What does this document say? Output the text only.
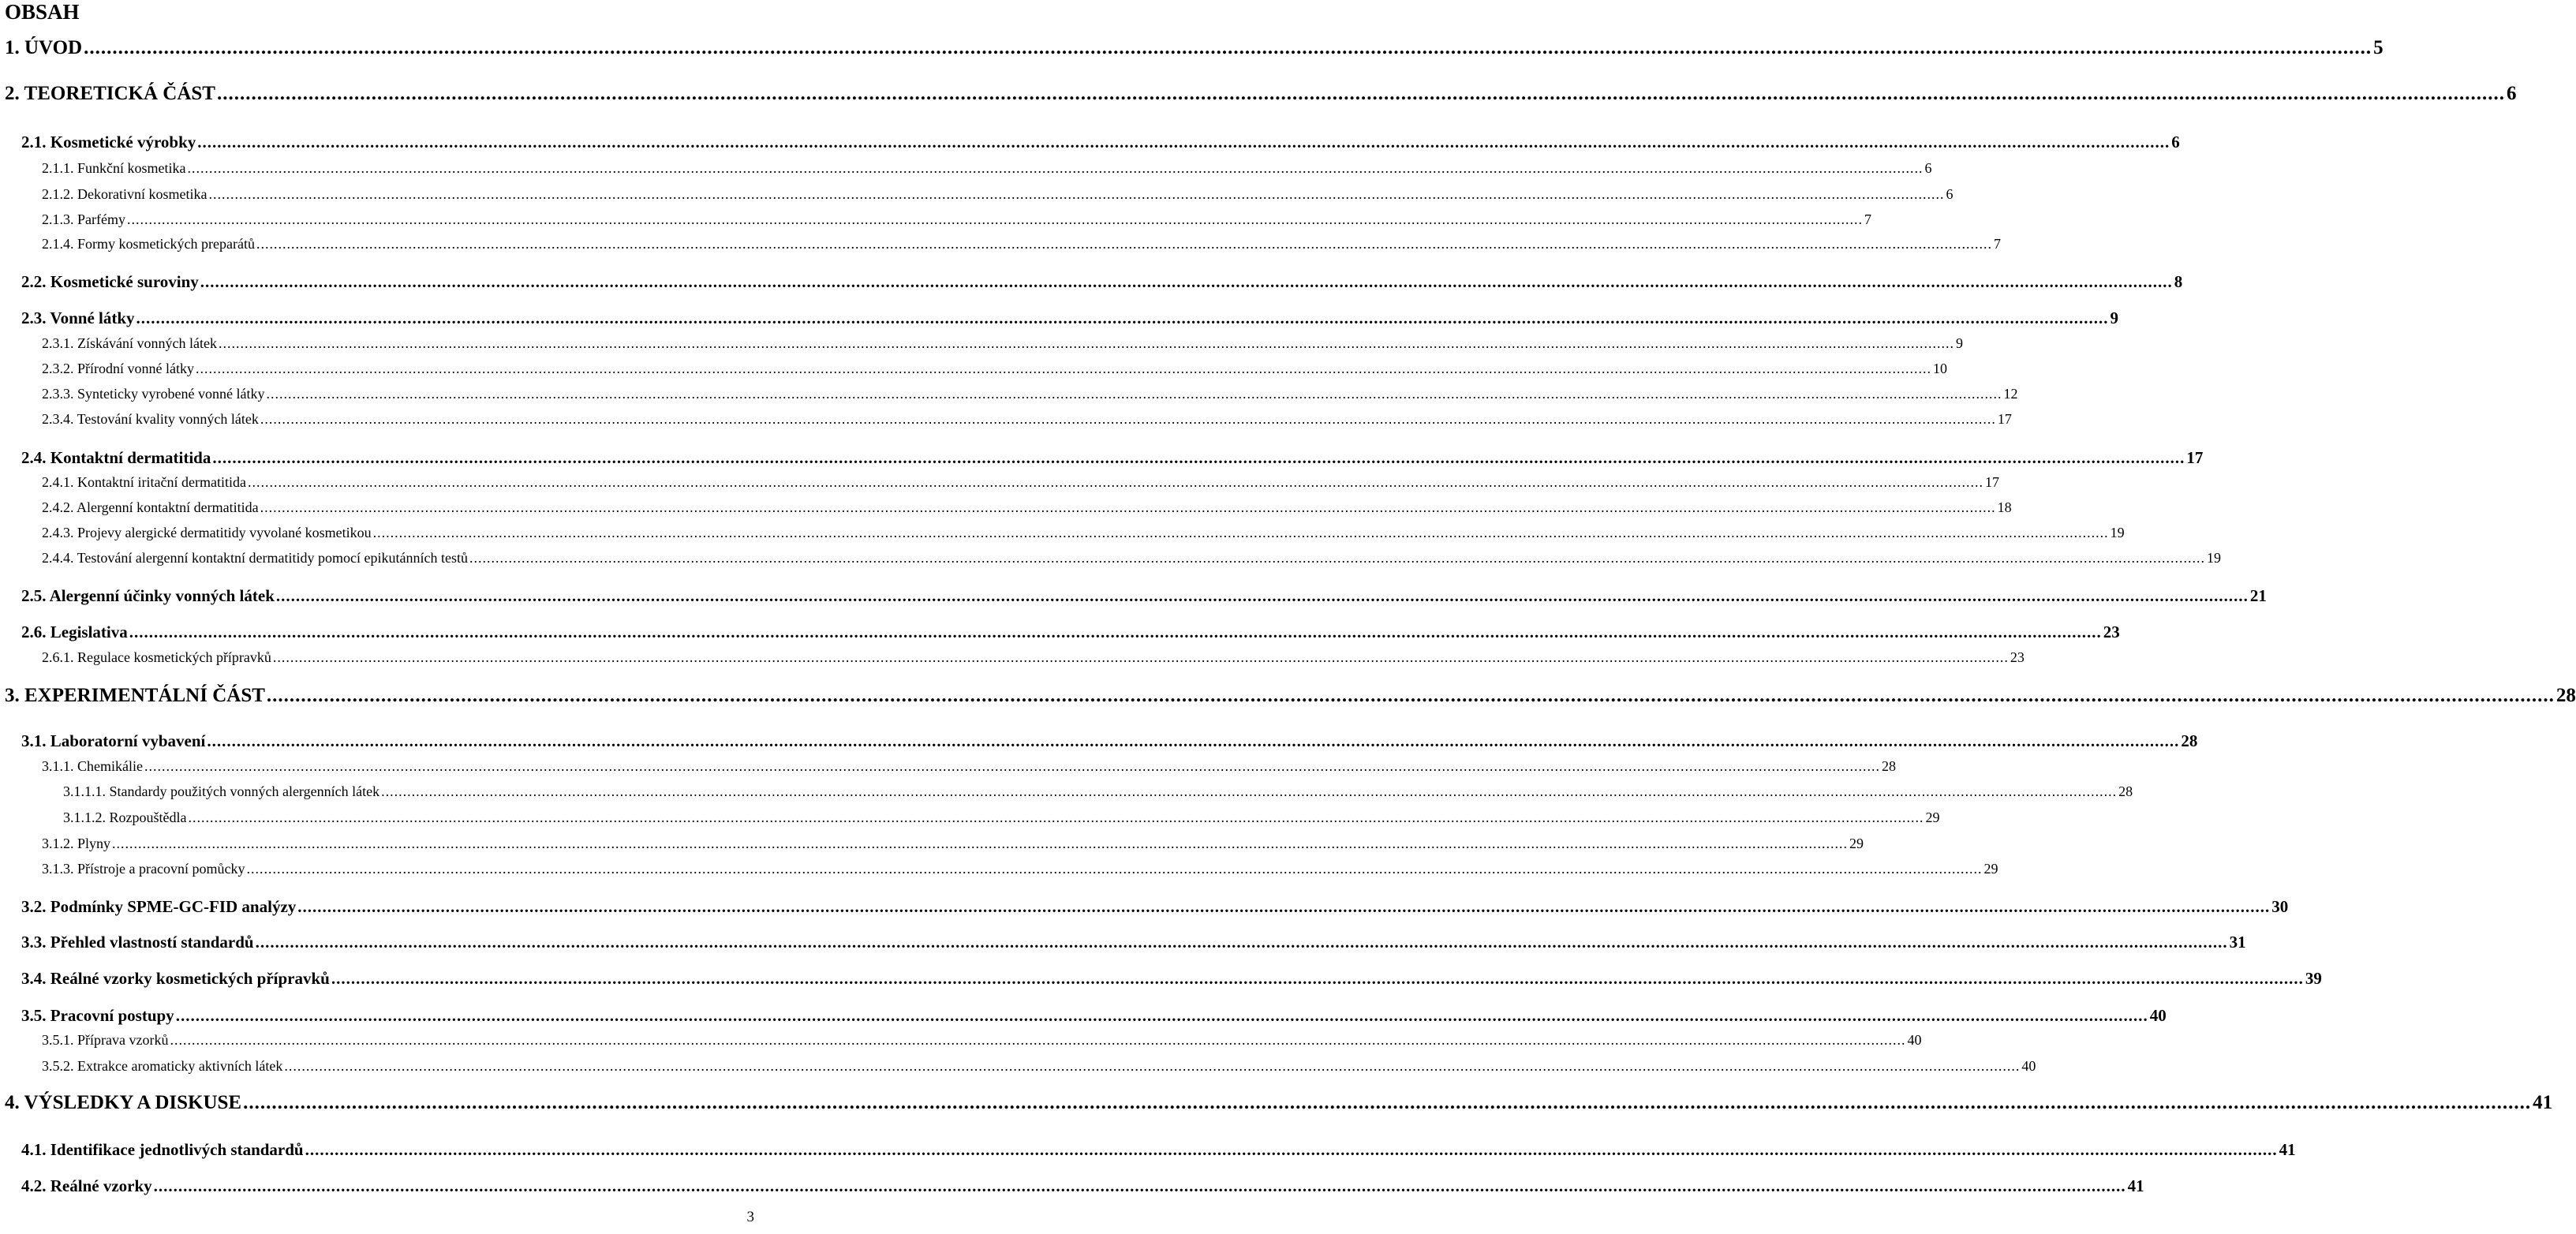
OBSAH
1. ÚVOD ................................................................................................................................................................................................................................................................................................................................................................................................................ 5
2. TEORETICKÁ ČÁST ................................................................................................................................................................................................................................................................................................................................................................................................................ 6
2.1. Kosmetické výrobky ................................................................................................................................................................................................................................................................................................................................................................................................................ 6
2.1.1. Funkční kosmetika ................................................................................................................................................................................................................................................................................................................................................................................................................ 6
2.1.2. Dekorativní kosmetika ................................................................................................................................................................................................................................................................................................................................................................................................................ 6
2.1.3. Parfémy ................................................................................................................................................................................................................................................................................................................................................................................................................ 7
2.1.4. Formy kosmetických preparátů ................................................................................................................................................................................................................................................................................................................................................................................................................ 7
2.2. Kosmetické suroviny ................................................................................................................................................................................................................................................................................................................................................................................................................ 8
2.3. Vonné látky ................................................................................................................................................................................................................................................................................................................................................................................................................ 9
2.3.1. Získávání vonných látek ................................................................................................................................................................................................................................................................................................................................................................................................................ 9
2.3.2. Přírodní vonné látky ................................................................................................................................................................................................................................................................................................................................................................................................................ 10
2.3.3. Synteticky vyrobené vonné látky ................................................................................................................................................................................................................................................................................................................................................................................................................ 12
2.3.4. Testování kvality vonných látek ................................................................................................................................................................................................................................................................................................................................................................................................................ 17
2.4. Kontaktní dermatitida ................................................................................................................................................................................................................................................................................................................................................................................................................ 17
2.4.1. Kontaktní iritační dermatitida ................................................................................................................................................................................................................................................................................................................................................................................................................ 17
2.4.2. Alergenní kontaktní dermatitida ................................................................................................................................................................................................................................................................................................................................................................................................................ 18
2.4.3. Projevy alergické dermatitidy vyvolané kosmetikou ................................................................................................................................................................................................................................................................................................................................................................................................................ 19
2.4.4. Testování alergenní kontaktní dermatitidy pomocí epikutánních testů ................................................................................................................................................................................................................................................................................................................................................................................................................ 19
2.5. Alergenní účinky vonných látek ................................................................................................................................................................................................................................................................................................................................................................................................................ 21
2.6. Legislativa ................................................................................................................................................................................................................................................................................................................................................................................................................ 23
2.6.1. Regulace kosmetických přípravků ................................................................................................................................................................................................................................................................................................................................................................................................................ 23
3. EXPERIMENTÁLNÍ ČÁST ................................................................................................................................................................................................................................................................................................................................................................................................................ 28
3.1. Laboratorní vybavení ................................................................................................................................................................................................................................................................................................................................................................................................................ 28
3.1.1. Chemikálie ................................................................................................................................................................................................................................................................................................................................................................................................................ 28
3.1.1.1. Standardy použitých vonných alergenních látek ................................................................................................................................................................................................................................................................................................................................................................................................................ 28
3.1.1.2. Rozpouštědla ................................................................................................................................................................................................................................................................................................................................................................................................................ 29
3.1.2. Plyny ................................................................................................................................................................................................................................................................................................................................................................................................................ 29
3.1.3. Přístroje a pracovní pomůcky ................................................................................................................................................................................................................................................................................................................................................................................................................ 29
3.2. Podmínky SPME-GC-FID analýzy ................................................................................................................................................................................................................................................................................................................................................................................................................ 30
3.3. Přehled vlastností standardů ................................................................................................................................................................................................................................................................................................................................................................................................................ 31
3.4. Reálné vzorky kosmetických přípravků ................................................................................................................................................................................................................................................................................................................................................................................................................ 39
3.5. Pracovní postupy ................................................................................................................................................................................................................................................................................................................................................................................................................ 40
3.5.1. Příprava vzorků ................................................................................................................................................................................................................................................................................................................................................................................................................ 40
3.5.2. Extrakce aromaticky aktivních látek ................................................................................................................................................................................................................................................................................................................................................................................................................ 40
4. VÝSLEDKY A DISKUSE ................................................................................................................................................................................................................................................................................................................................................................................................................ 41
4.1. Identifikace jednotlivých standardů ................................................................................................................................................................................................................................................................................................................................................................................................................ 41
4.2. Reálné vzorky ................................................................................................................................................................................................................................................................................................................................................................................................................ 41
3
